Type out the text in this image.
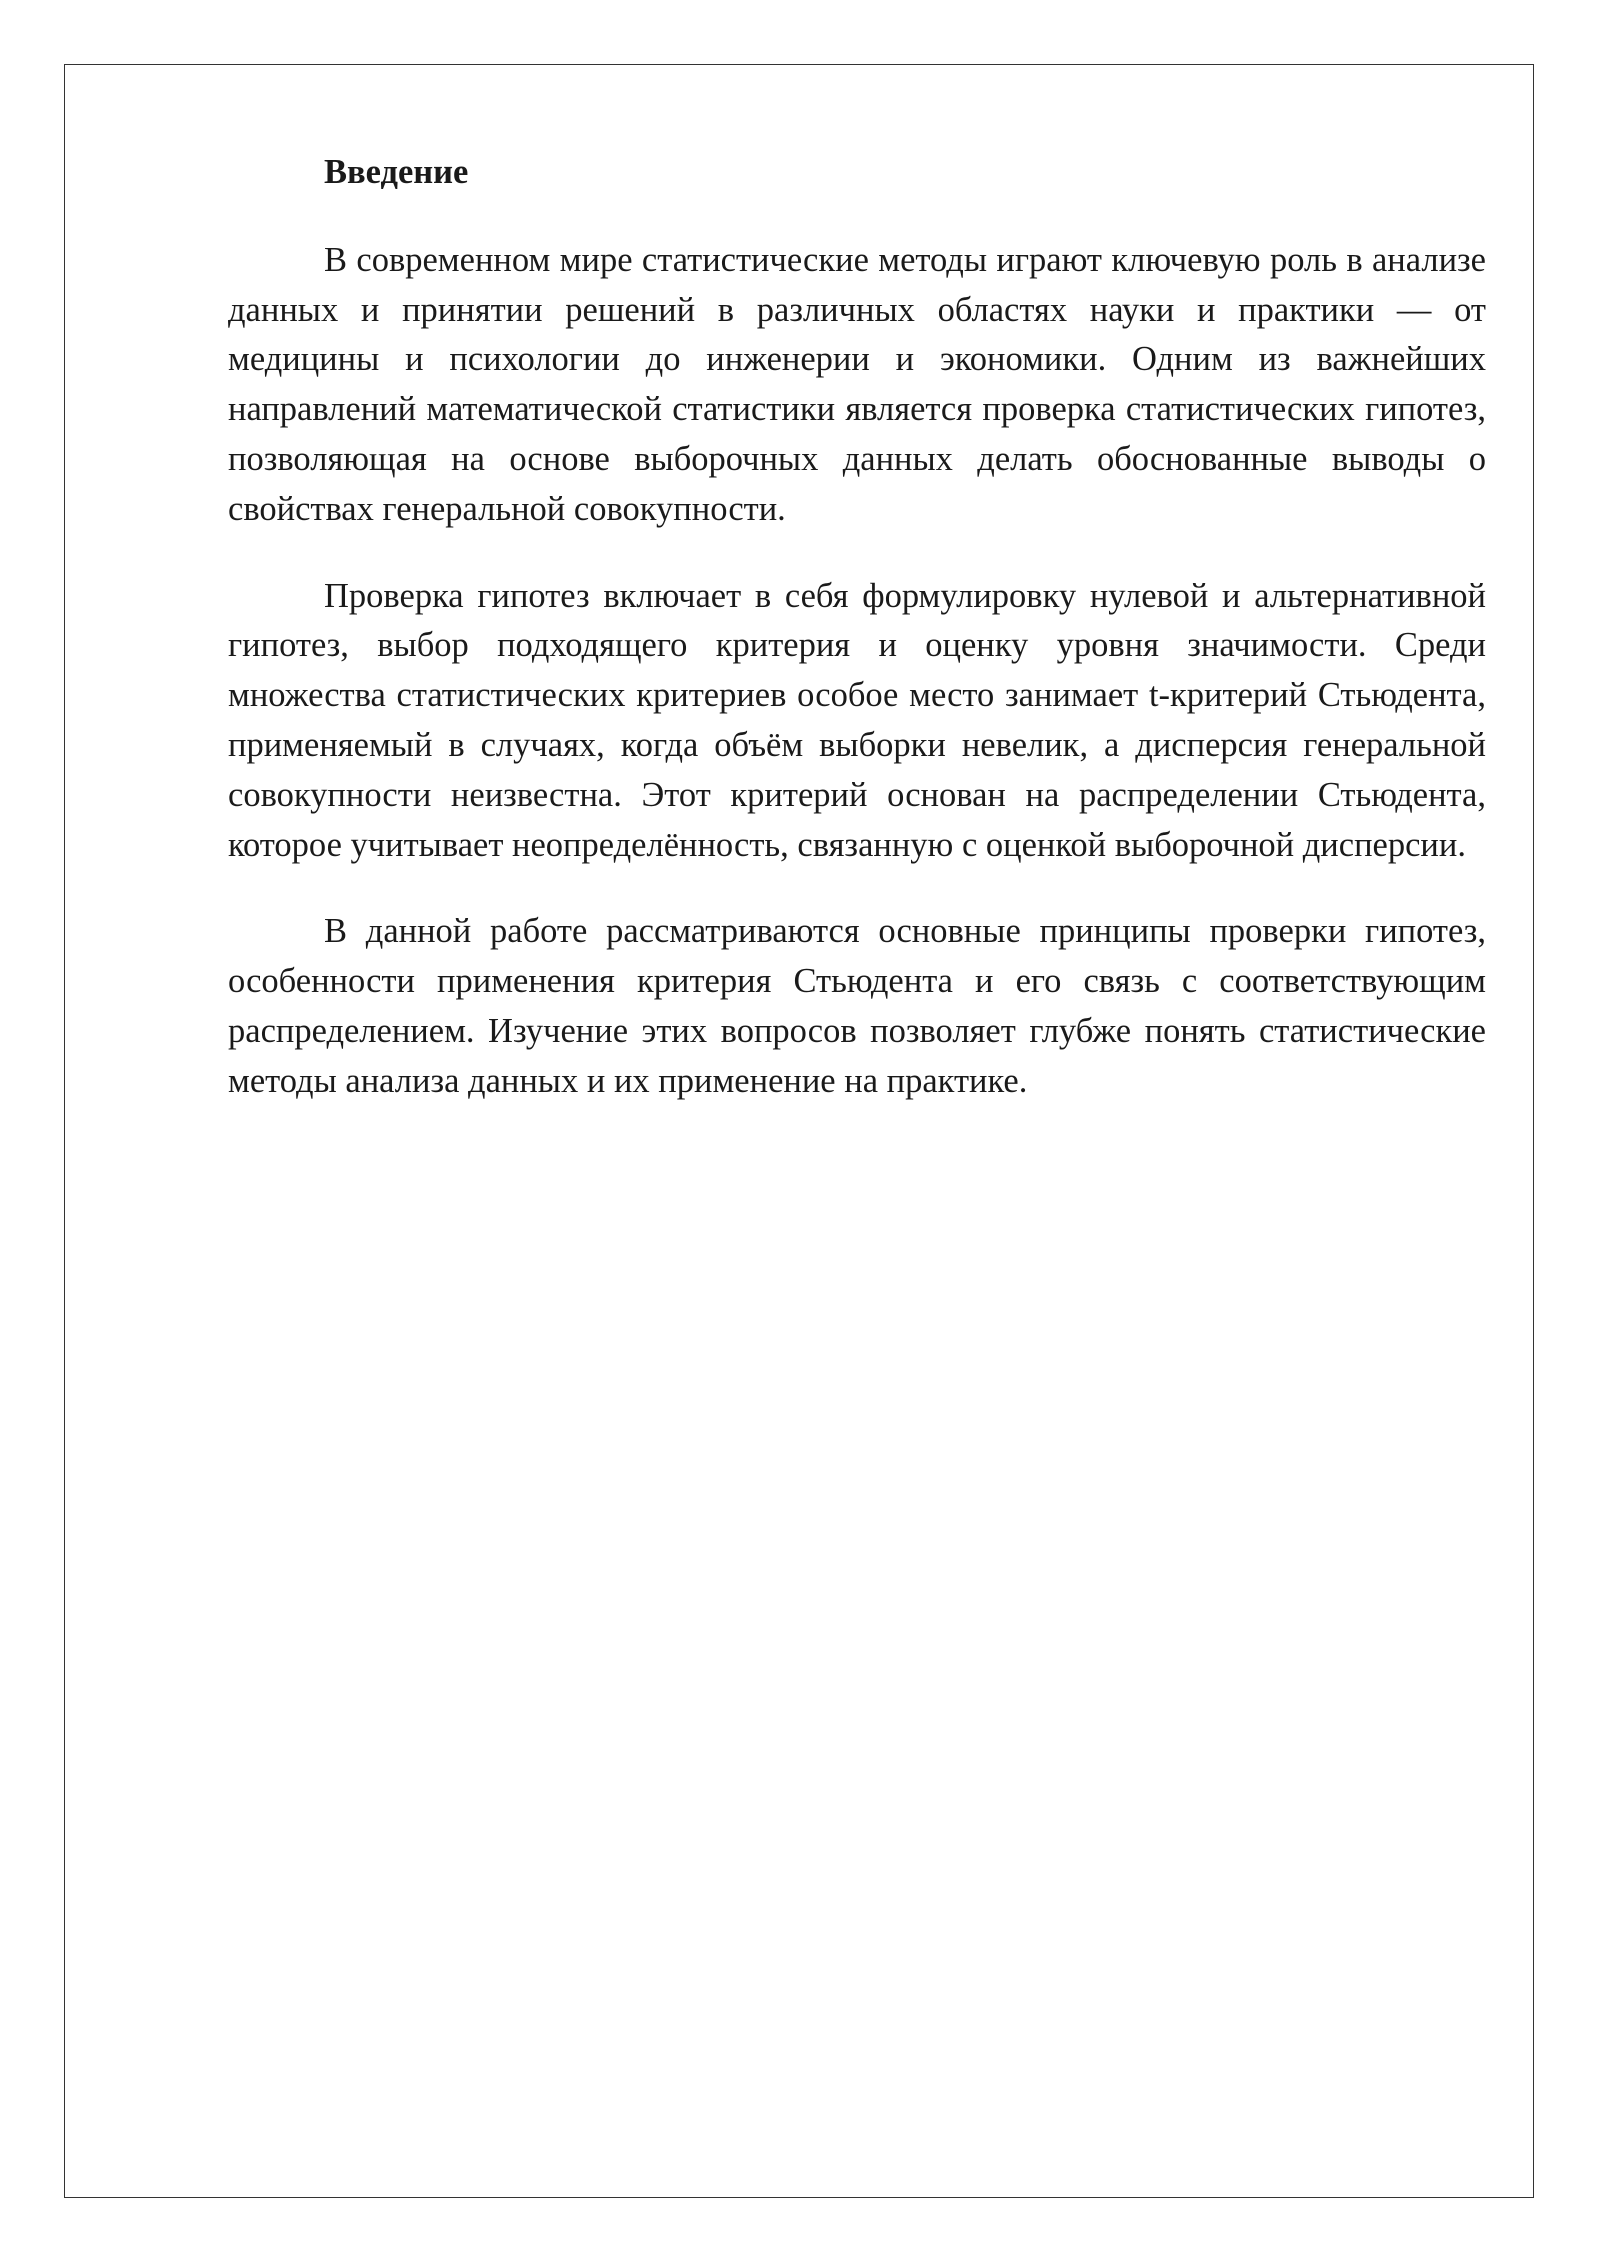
Введение

В современном мире статистические методы играют ключевую роль в анализе данных и принятии решений в различных областях науки и практики — от медицины и психологии до инженерии и экономики. Одним из важнейших направлений математической статистики является проверка статистических гипотез, позволяющая на основе выборочных данных делать обоснованные выводы о свойствах генеральной совокупности.

Проверка гипотез включает в себя формулировку нулевой и альтернативной гипотез, выбор подходящего критерия и оценку уровня значимости. Среди множества статистических критериев особое место занимает t-критерий Стьюдента, применяемый в случаях, когда объём выборки невелик, а дисперсия генеральной совокупности неизвестна. Этот критерий основан на распределении Стьюдента, которое учитывает неопределённость, связанную с оценкой выборочной дисперсии.

В данной работе рассматриваются основные принципы проверки гипотез, особенности применения критерия Стьюдента и его связь с соответствующим распределением. Изучение этих вопросов позволяет глубже понять статистические методы анализа данных и их применение на практике.
